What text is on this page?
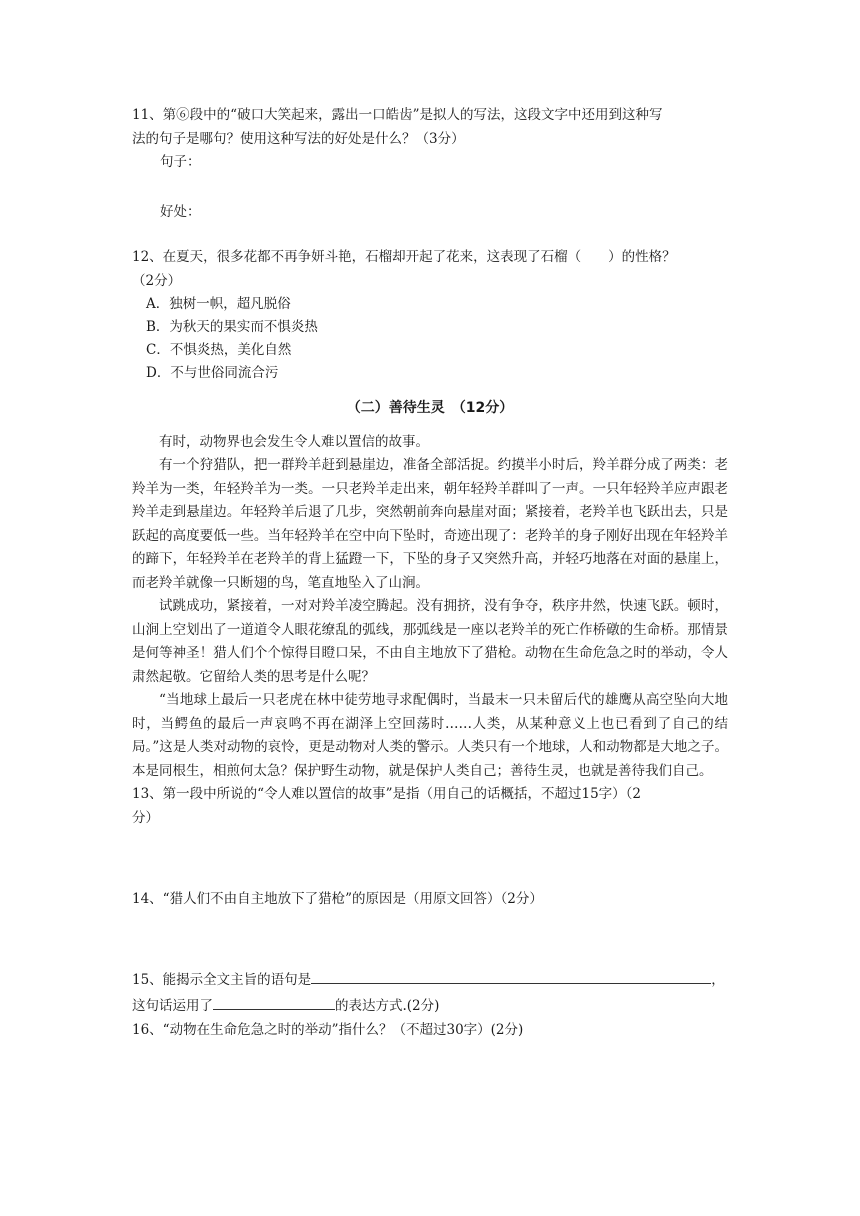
11、第⑥段中的“破口大笑起来，露出一口皓齿”是拟人的写法，这段文字中还用到这种写
法的句子是哪句？使用这种写法的好处是什么？（3分）
句子：
好处：
12、在夏天，很多花都不再争妍斗艳，石榴却开起了花来，这表现了石榴（　　）的性格？
（2分）
A．独树一帜，超凡脱俗
B．为秋天的果实而不惧炎热
C．不惧炎热，美化自然
D．不与世俗同流合污
（二）善待生灵　（12分）
有时，动物界也会发生令人难以置信的故事。
有一个狩猎队，把一群羚羊赶到悬崖边，准备全部活捉。约摸半小时后，羚羊群分成了两类：老羚羊为一类，年轻羚羊为一类。一只老羚羊走出来，朝年轻羚羊群叫了一声。一只年轻羚羊应声跟老羚羊走到悬崖边。年轻羚羊后退了几步，突然朝前奔向悬崖对面；紧接着，老羚羊也飞跃出去，只是跃起的高度要低一些。当年轻羚羊在空中向下坠时，奇迹出现了：老羚羊的身子刚好出现在年轻羚羊的蹄下，年轻羚羊在老羚羊的背上猛蹬一下，下坠的身子又突然升高，并轻巧地落在对面的悬崖上，而老羚羊就像一只断翅的鸟，笔直地坠入了山涧。
试跳成功，紧接着，一对对羚羊凌空腾起。没有拥挤，没有争夺，秩序井然，快速飞跃。顿时，山涧上空划出了一道道令人眼花缭乱的弧线，那弧线是一座以老羚羊的死亡作桥礅的生命桥。那情景是何等神圣！猎人们个个惊得目瞪口呆，不由自主地放下了猎枪。动物在生命危急之时的举动，令人肃然起敬。它留给人类的思考是什么呢？
“当地球上最后一只老虎在林中徒劳地寻求配偶时，当最末一只未留后代的雄鹰从高空坠向大地时，当鳄鱼的最后一声哀鸣不再在湖泽上空回荡时……人类，从某种意义上也已看到了自己的结局。”这是人类对动物的哀怜，更是动物对人类的警示。人类只有一个地球，人和动物都是大地之子。本是同根生，相煎何太急？保护野生动物，就是保护人类自己；善待生灵，也就是善待我们自己。
13、第一段中所说的“令人难以置信的故事”是指（用自己的话概括，不超过15字）（2
分）
14、“猎人们不由自主地放下了猎枪”的原因是（用原文回答）（2分）
15、能揭示全文主旨的语句是	，
这句话运用了	的表达方式.(2分)
16、“动物在生命危急之时的举动”指什么？（不超过30字）(2分)
